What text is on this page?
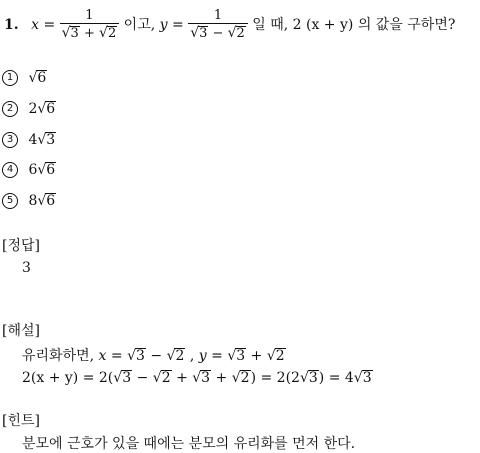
1. $x = \frac{1}{√3 + √2}$ 이고, $y = \frac{1}{√3 - √2}$ 일 때, 2 (x + y) 의 값을 구하면?
1 √6
2 2√6
3 4√3
4 6√6
5 8√6
[정답]
3
[해설]
유리화하면, x = √3 − √2 , y = √3 + √2
2(x + y) = 2(√3 − √2 + √3 + √2) = 2(2√3) = 4√3
[힌트]
분모에 근호가 있을 때에는 분모의 유리화를 먼저 한다.
